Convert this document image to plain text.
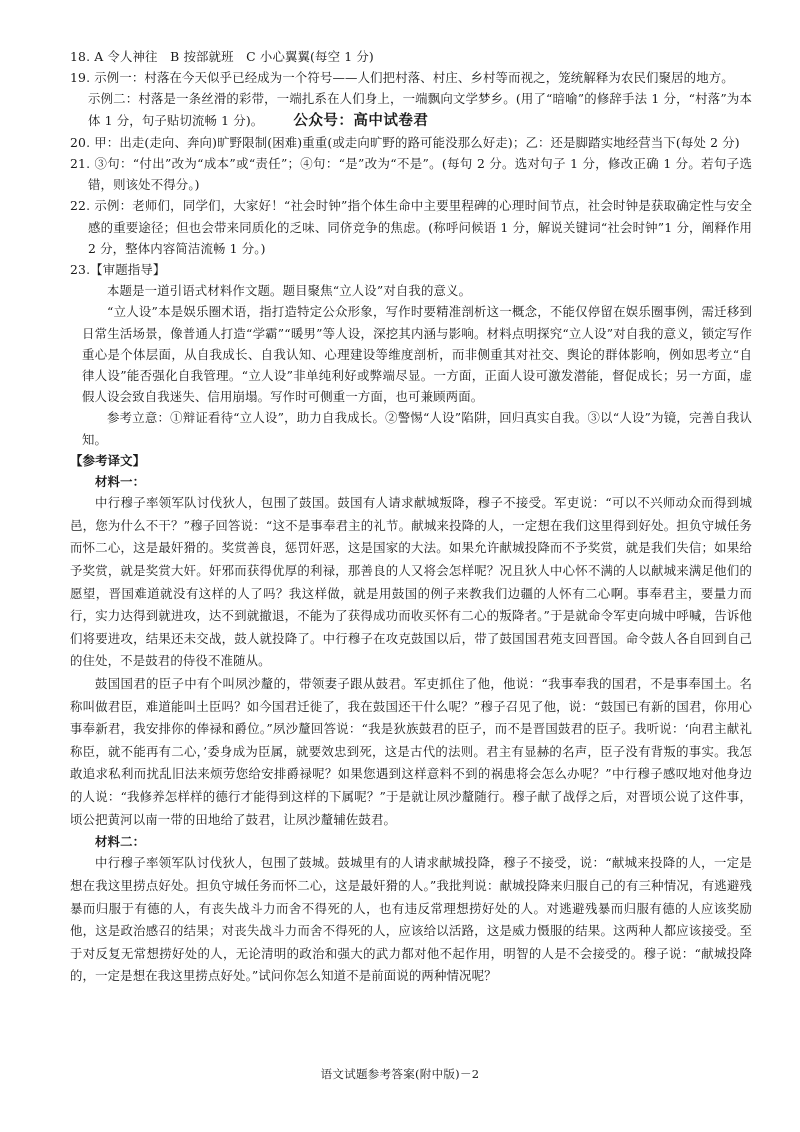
18. A 令人神往　B 按部就班　C 小心翼翼(每空 1 分)
19. 示例一：村落在今天似乎已经成为一个符号——人们把村落、村庄、乡村等而视之，笼统解释为农民们聚居的地方。
示例二：村落是一条丝滑的彩带，一端扎系在人们身上，一端飘向文学梦乡。(用了“暗喻”的修辞手法 1 分，“村落”为本体 1 分，句子贴切流畅 1 分)。 公众号：高中试卷君
20. 甲：出走(走向、奔向)旷野限制(困难)重重(或走向旷野的路可能没那么好走)；乙：还是脚踏实地经营当下(每处 2 分)
21. ③句：“付出”改为“成本”或“责任”；④句：“是”改为“不是”。(每句 2 分。选对句子 1 分，修改正确 1 分。若句子选错，则该处不得分。)
22. 示例：老师们，同学们，大家好！“社会时钟”指个体生命中主要里程碑的心理时间节点，社会时钟是获取确定性与安全感的重要途径；但也会带来同质化的乏味、同侪竞争的焦虑。(称呼问候语 1 分，解说关键词“社会时钟”1 分，阐释作用 2 分，整体内容简洁流畅 1 分。)
23.【审题指导】
本题是一道引语式材料作文题。题目聚焦“立人设”对自我的意义。
“立人设”本是娱乐圈术语，指打造特定公众形象，写作时要精准剖析这一概念，不能仅停留在娱乐圈事例，需迁移到日常生活场景，像普通人打造“学霸”“暖男”等人设，深挖其内涵与影响。材料点明探究“立人设”对自我的意义，锁定写作重心是个体层面，从自我成长、自我认知、心理建设等维度剖析，而非侧重其对社交、舆论的群体影响，例如思考立“自律人设”能否强化自我管理。“立人设”非单纯利好或弊端尽显。一方面，正面人设可激发潜能，督促成长；另一方面，虚假人设会致自我迷失、信用崩塌。写作时可侧重一方面，也可兼顾两面。
参考立意：①辩证看待“立人设”，助力自我成长。②警惕“人设”陷阱，回归真实自我。③以“人设”为镜，完善自我认知。
【参考译文】
材料一：
中行穆子率领军队讨伐狄人，包围了鼓国。鼓国有人请求献城叛降，穆子不接受。军吏说：“可以不兴师动众而得到城邑，您为什么不干？”穆子回答说：“这不是事奉君主的礼节。献城来投降的人，一定想在我们这里得到好处。担负守城任务而怀二心，这是最奸猾的。奖赏善良，惩罚奸恶，这是国家的大法。如果允许献城投降而不予奖赏，就是我们失信；如果给予奖赏，就是奖赏大奸。奸邪而获得优厚的利禄，那善良的人又将会怎样呢？况且狄人中心怀不满的人以献城来满足他们的愿望，晋国难道就没有这样的人了吗？我这样做，就是用鼓国的例子来教我们边疆的人怀有二心啊。事奉君主，要量力而行，实力达得到就进攻，达不到就撤退，不能为了获得成功而收买怀有二心的叛降者。”于是就命令军吏向城中呼喊，告诉他们将要进攻，结果还未交战，鼓人就投降了。中行穆子在攻克鼓国以后，带了鼓国国君苑支回晋国。命令鼓人各自回到自己的住处，不是鼓君的侍役不准随从。
鼓国国君的臣子中有个叫夙沙釐的，带领妻子跟从鼓君。军吏抓住了他，他说：“我事奉我的国君，不是事奉国土。名称叫做君臣，难道能叫土臣吗？如今国君迁徙了，我在鼓国还干什么呢？”穆子召见了他，说：“鼓国已有新的国君，你用心事奉新君，我安排你的俸禄和爵位。”夙沙釐回答说：“我是狄族鼓君的臣子，而不是晋国鼓君的臣子。我听说：‘向君主献礼称臣，就不能再有二心，’委身成为臣属，就要效忠到死，这是古代的法则。君主有显赫的名声，臣子没有背叛的事实。我怎敢追求私利而扰乱旧法来烦劳您给安排爵禄呢？如果您遇到这样意料不到的祸患将会怎么办呢？”中行穆子感叹地对他身边的人说：“我修养怎样样的德行才能得到这样的下属呢？”于是就让夙沙釐随行。穆子献了战俘之后，对晋顷公说了这件事，顷公把黄河以南一带的田地给了鼓君，让夙沙釐辅佐鼓君。
材料二：
中行穆子率领军队讨伐狄人，包围了鼓城。鼓城里有的人请求献城投降，穆子不接受，说：“献城来投降的人，一定是想在我这里捞点好处。担负守城任务而怀二心，这是最奸猾的人。”我批判说：献城投降来归服自己的有三种情况，有逃避残暴而归服于有德的人，有丧失战斗力而舍不得死的人，也有违反常理想捞好处的人。对逃避残暴而归服有德的人应该奖励他，这是政治感召的结果；对丧失战斗力而舍不得死的人，应该给以活路，这是威力慑服的结果。这两种人都应该接受。至于对反复无常想捞好处的人，无论清明的政治和强大的武力都对他不起作用，明智的人是不会接受的。穆子说：“献城投降的，一定是想在我这里捞点好处。”试问你怎么知道不是前面说的两种情况呢？
语文试题参考答案(附中版)－2
